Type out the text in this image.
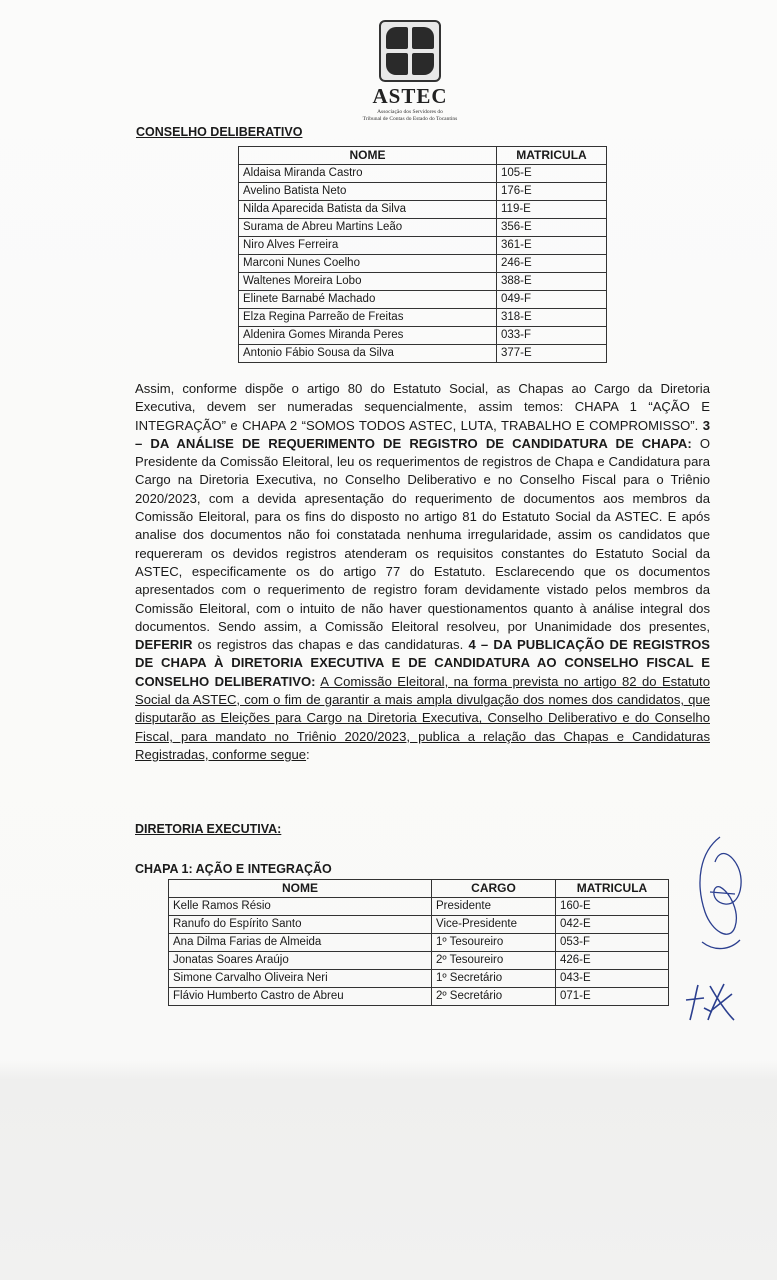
ASTEC
Associação dos Servidores do
Tribunal de Contas do Estado do Tocantins
CONSELHO DELIBERATIVO
NOME	MATRICULA
Aldaisa Miranda Castro	105-E
Avelino Batista Neto	176-E
Nilda Aparecida Batista da Silva	119-E
Surama de Abreu Martins Leão	356-E
Niro Alves Ferreira	361-E
Marconi Nunes Coelho	246-E
Waltenes Moreira Lobo	388-E
Elinete Barnabé Machado	049-F
Elza Regina Parreão de Freitas	318-E
Aldenira Gomes Miranda Peres	033-F
Antonio Fábio Sousa da Silva	377-E
Assim, conforme dispõe o artigo 80 do Estatuto Social, as Chapas ao Cargo da Diretoria Executiva, devem ser numeradas sequencialmente, assim temos: CHAPA 1 “AÇÃO E INTEGRAÇÃO” e CHAPA 2 “SOMOS TODOS ASTEC, LUTA, TRABALHO E COMPROMISSO”. 3 – DA ANÁLISE DE REQUERIMENTO DE REGISTRO DE CANDIDATURA DE CHAPA: O Presidente da Comissão Eleitoral, leu os requerimentos de registros de Chapa e Candidatura para Cargo na Diretoria Executiva, no Conselho Deliberativo e no Conselho Fiscal para o Triênio 2020/2023, com a devida apresentação do requerimento de documentos aos membros da Comissão Eleitoral, para os fins do disposto no artigo 81 do Estatuto Social da ASTEC. E após analise dos documentos não foi constatada nenhuma irregularidade, assim os candidatos que requereram os devidos registros atenderam os requisitos constantes do Estatuto Social da ASTEC, especificamente os do artigo 77 do Estatuto. Esclarecendo que os documentos apresentados com o requerimento de registro foram devidamente vistado pelos membros da Comissão Eleitoral, com o intuito de não haver questionamentos quanto à análise integral dos documentos. Sendo assim, a Comissão Eleitoral resolveu, por Unanimidade dos presentes, DEFERIR os registros das chapas e das candidaturas. 4 – DA PUBLICAÇÃO DE REGISTROS DE CHAPA À DIRETORIA EXECUTIVA E DE CANDIDATURA AO CONSELHO FISCAL E CONSELHO DELIBERATIVO: A Comissão Eleitoral, na forma prevista no artigo 82 do Estatuto Social da ASTEC, com o fim de garantir a mais ampla divulgação dos nomes dos candidatos, que disputarão as Eleições para Cargo na Diretoria Executiva, Conselho Deliberativo e do Conselho Fiscal, para mandato no Triênio 2020/2023, publica a relação das Chapas e Candidaturas Registradas, conforme segue:
DIRETORIA EXECUTIVA:
CHAPA 1: AÇÃO E INTEGRAÇÃO
NOME	CARGO	MATRICULA
Kelle Ramos Résio	Presidente	160-E
Ranufo do Espírito Santo	Vice-Presidente	042-E
Ana Dilma Farias de Almeida	1º Tesoureiro	053-F
Jonatas Soares Araújo	2º Tesoureiro	426-E
Simone Carvalho Oliveira Neri	1º Secretário	043-E
Flávio Humberto Castro de Abreu	2º Secretário	071-E
